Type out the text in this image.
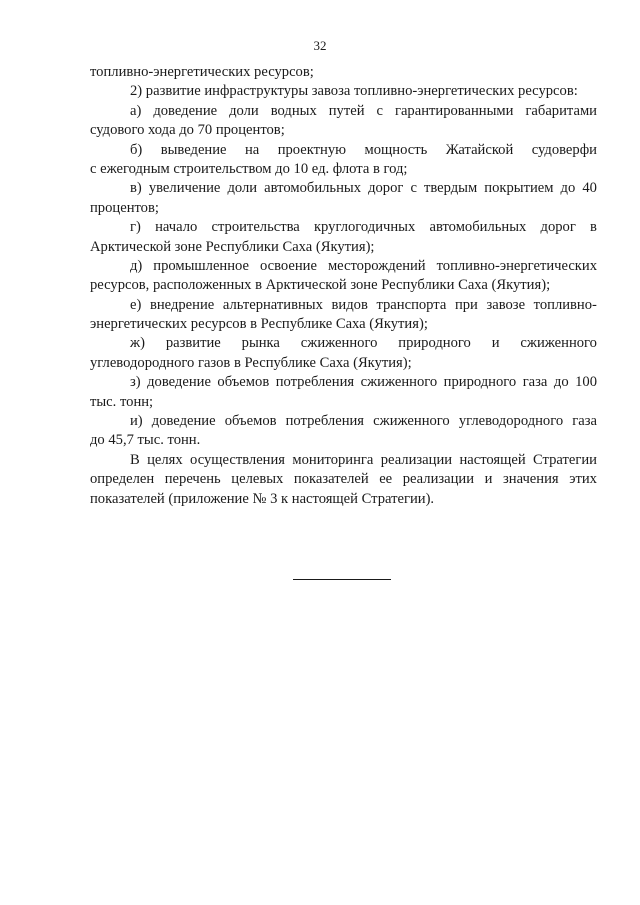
32
топливно-энергетических ресурсов;
2) развитие инфраструктуры завоза топливно-энергетических ресурсов:
а) доведение доли водных путей с гарантированными габаритами
судового хода до 70 процентов;
б) выведение на проектную мощность Жатайской судоверфи
с ежегодным строительством до 10 ед. флота в год;
в) увеличение доли автомобильных дорог с твердым покрытием до 40
процентов;
г) начало строительства круглогодичных автомобильных дорог в
Арктической зоне Республики Саха (Якутия);
д) промышленное освоение месторождений топливно-энергетических
ресурсов, расположенных в Арктической зоне Республики Саха (Якутия);
е) внедрение альтернативных видов транспорта при завозе топливно-
энергетических ресурсов в Республике Саха (Якутия);
ж) развитие рынка сжиженного природного и сжиженного
углеводородного газов в Республике Саха (Якутия);
з) доведение объемов потребления сжиженного природного газа до 100
тыс. тонн;
и) доведение объемов потребления сжиженного углеводородного газа
до 45,7 тыс. тонн.
В целях осуществления мониторинга реализации настоящей Стратегии
определен перечень целевых показателей ее реализации и значения этих
показателей (приложение № 3 к настоящей Стратегии).
